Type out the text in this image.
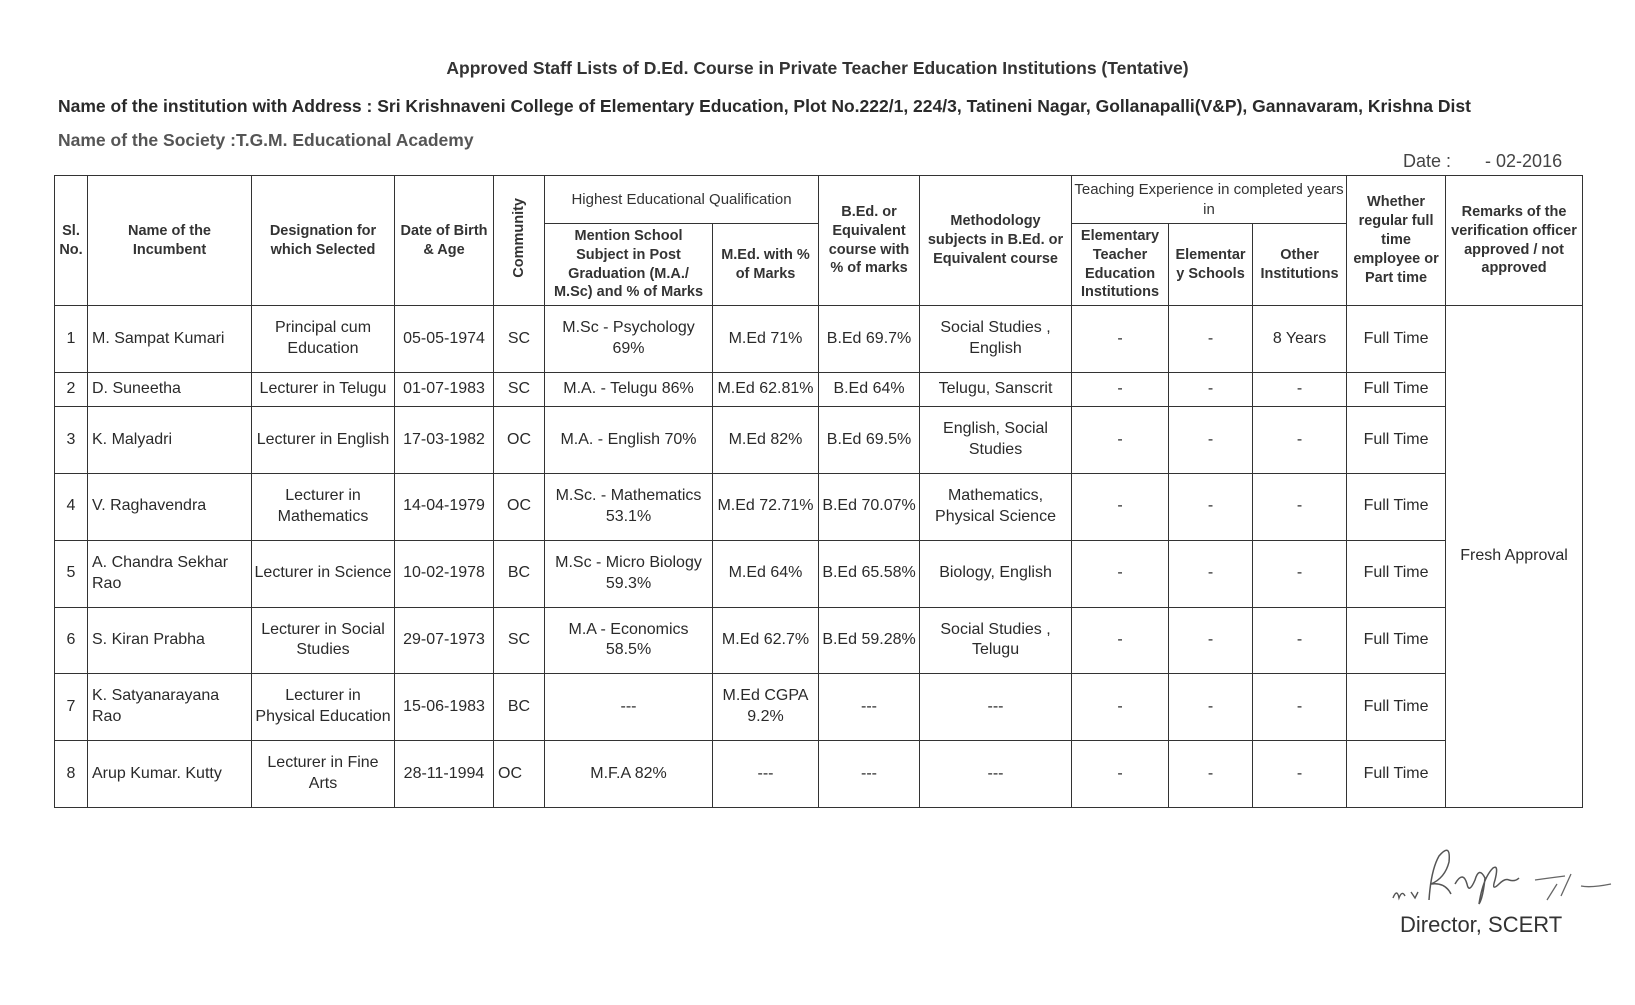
Approved Staff Lists of D.Ed. Course in Private Teacher Education Institutions (Tentative)
Name of the institution with Address : Sri Krishnaveni College of Elementary Education, Plot No.222/1, 224/3, Tatineni Nagar, Gollanapalli(V&P), Gannavaram, Krishna Dist
Name of the Society :T.G.M. Educational Academy
Date : - 02-2016
Sl. No.	Name of the Incumbent	Designation for which Selected	Date of Birth & Age	Community	Highest Educational Qualification		B.Ed. or Equivalent course with % of marks	Methodology subjects in B.Ed. or Equivalent course	Teaching Experience in completed years in			Whether regular full time employee or Part time	Remarks of the verification officer approved / not approved
					Mention School Subject in Post Graduation (M.A./ M.Sc) and % of Marks	M.Ed. with % of Marks			Elementary Teacher Education Institutions	Elementar y Schools	Other Institutions		
1	M. Sampat Kumari	Principal cum Education	05-05-1974	SC	M.Sc - Psychology 69%	M.Ed 71%	B.Ed 69.7%	Social Studies , English	-	-	8 Years	Full Time	Fresh Approval
2	D. Suneetha	Lecturer in Telugu	01-07-1983	SC	M.A. - Telugu 86%	M.Ed 62.81%	B.Ed 64%	Telugu, Sanscrit	-	-	-	Full Time	
3	K. Malyadri	Lecturer in English	17-03-1982	OC	M.A. - English 70%	M.Ed 82%	B.Ed 69.5%	English, Social Studies	-	-	-	Full Time	
4	V. Raghavendra	Lecturer in Mathematics	14-04-1979	OC	M.Sc. - Mathematics 53.1%	M.Ed 72.71%	B.Ed 70.07%	Mathematics, Physical Science	-	-	-	Full Time	
5	A. Chandra Sekhar Rao	Lecturer in Science	10-02-1978	BC	M.Sc - Micro Biology 59.3%	M.Ed 64%	B.Ed 65.58%	Biology, English	-	-	-	Full Time	
6	S. Kiran Prabha	Lecturer in Social Studies	29-07-1973	SC	M.A - Economics 58.5%	M.Ed 62.7%	B.Ed 59.28%	Social Studies , Telugu	-	-	-	Full Time	
7	K. Satyanarayana Rao	Lecturer in Physical Education	15-06-1983	BC	---	M.Ed CGPA 9.2%	---	---	-	-	-	Full Time	
8	Arup Kumar. Kutty	Lecturer in Fine Arts	28-11-1994	OC	M.F.A 82%	---	---	---	-	-	-	Full Time	
Director, SCERT
